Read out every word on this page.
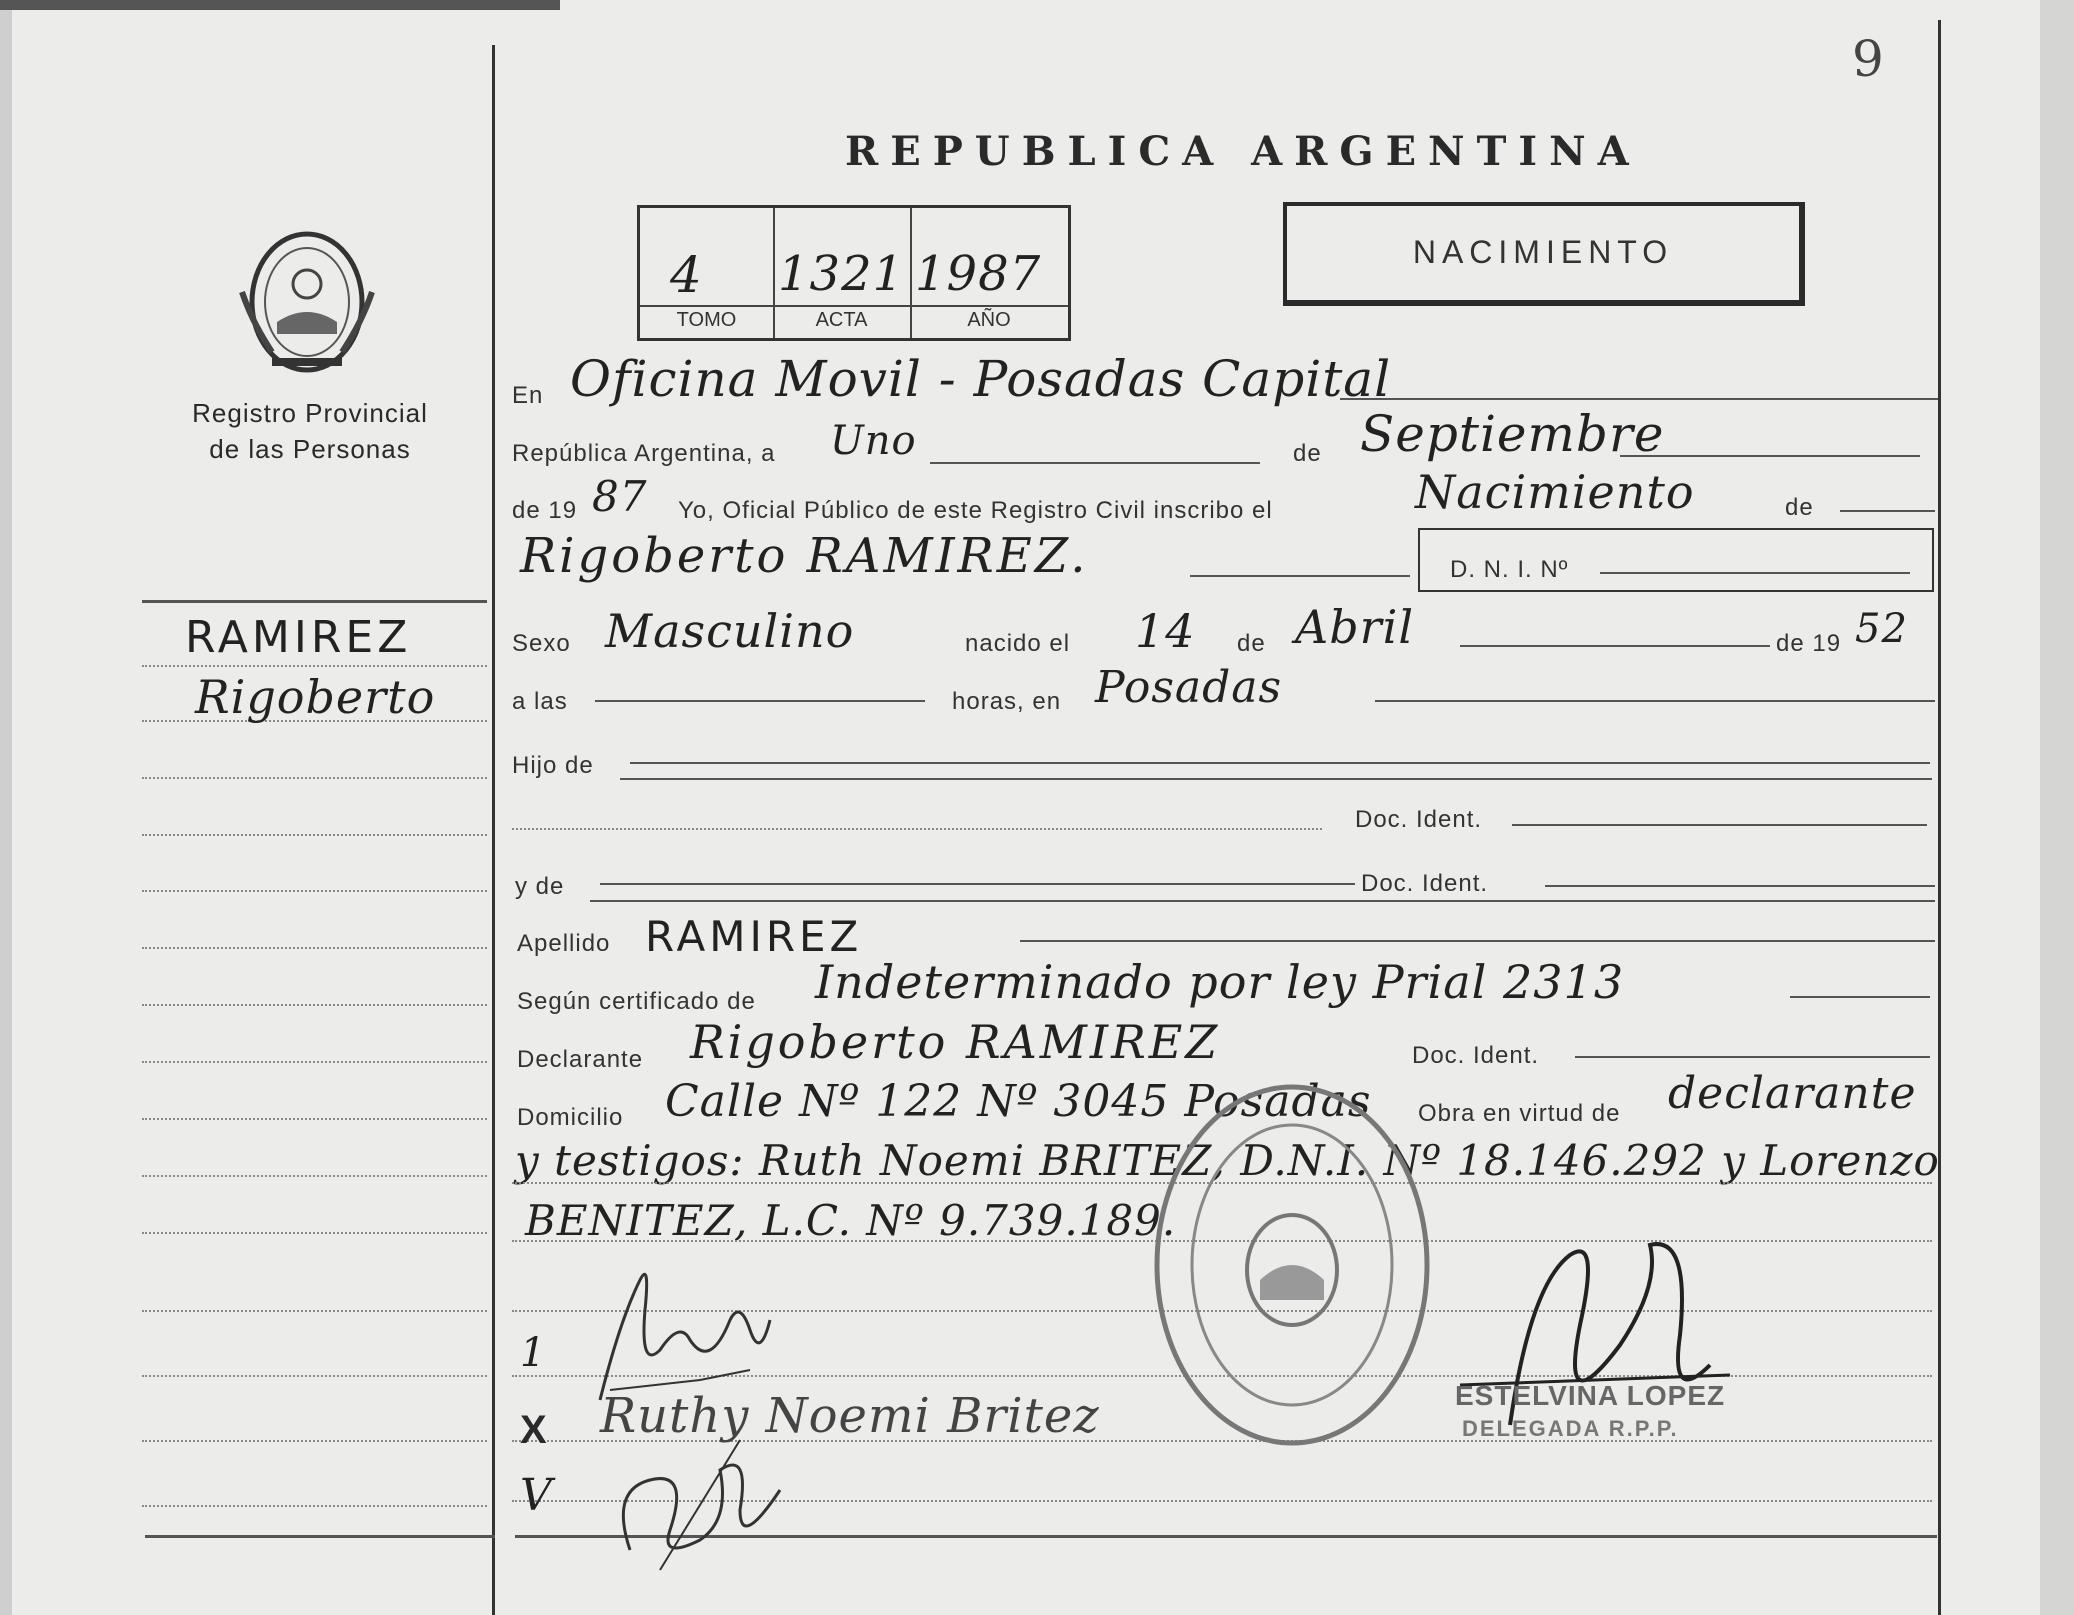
9
REPUBLICA ARGENTINA
NACIMIENTO
4 1321 1987
TOMO	ACTA	AÑO
Registro Provincial
de las Personas
RAMIREZ
Rigoberto
En Oficina Movil - Posadas Capital
República Argentina, a Uno	de Septiembre
de 19 87 Yo, Oficial Público de este Registro Civil inscribo el	Nacimiento	de
Rigoberto RAMIREZ.	D. N. I. Nº
Sexo Masculino	nacido el 14 de Abril	de 19 52
a las	horas, en Posadas
Hijo de
Doc. Ident.
y de	Doc. Ident.
Apellido RAMIREZ
Según certificado de Indeterminado por ley Prial 2313
Declarante Rigoberto RAMIREZ	Doc. Ident.
Domicilio Calle Nº 122 Nº 3045 Posadas Obra en virtud de declarante
y testigos: Ruth Noemi BRITEZ, D.N.I. Nº 18.146.292 y Lorenzo
BENITEZ, L.C. Nº 9.739.189.
1
X
V
Ruthy Noemi Britez	ESTELVINA LOPEZ
DELEGADA R.P.P.
